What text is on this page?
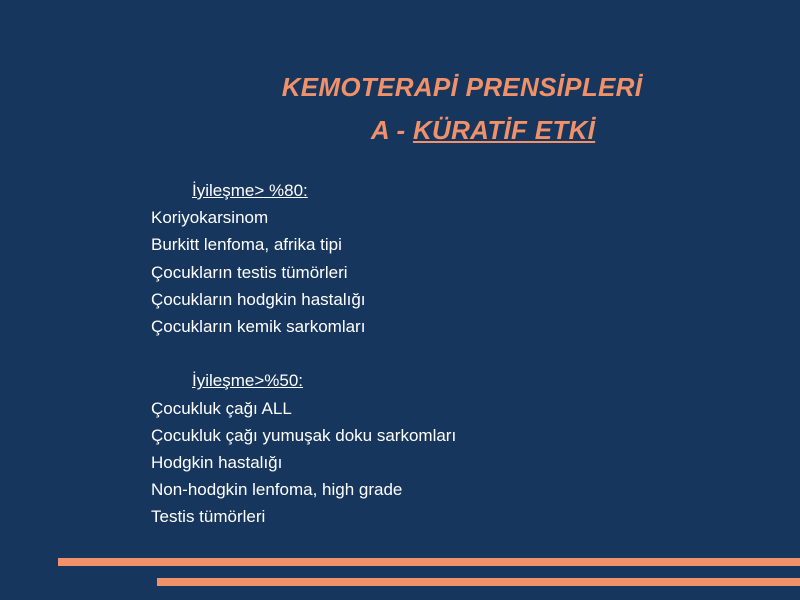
KEMOTERAPİ PRENSİPLERİ
A - KÜRATİF ETKİ
İyileşme> %80:
Koriyokarsinom
Burkitt lenfoma, afrika tipi
Çocukların testis tümörleri
Çocukların hodgkin hastalığı
Çocukların kemik sarkomları
İyileşme>%50:
Çocukluk çağı ALL
Çocukluk çağı yumuşak doku sarkomları
Hodgkin hastalığı
Non-hodgkin lenfoma, high grade
Testis tümörleri
